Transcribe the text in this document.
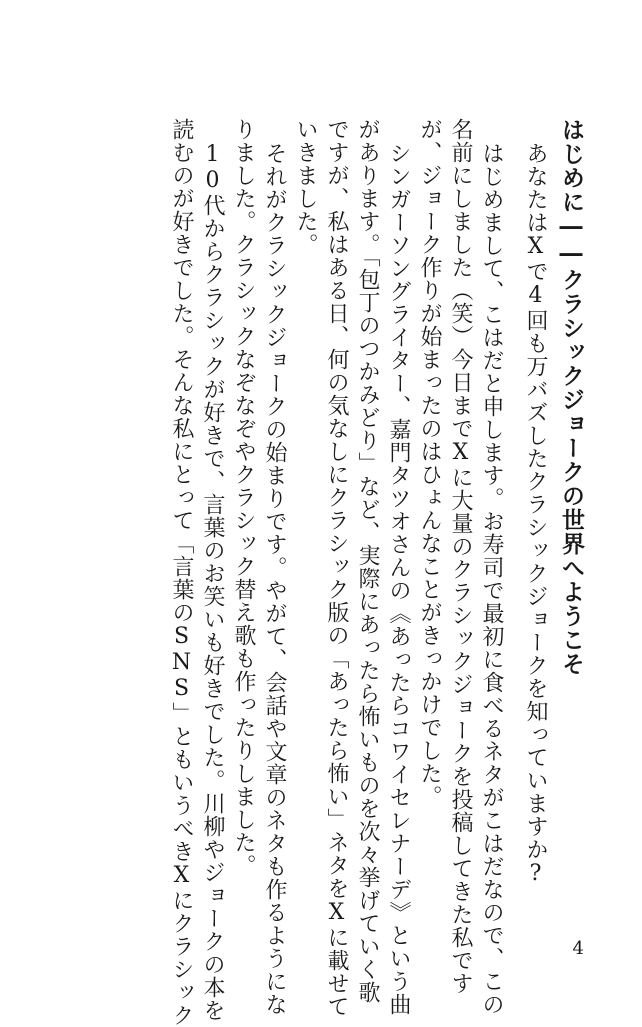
はじめに――クラシックジョークの世界へようこそ
あなたはXで4回も万バズしたクラシックジョークを知っていますか?
はじめまして、こはだと申します。お寿司で最初に食べるネタがこはだなので、この
名前にしました（笑）今日までXに大量のクラシックジョークを投稿してきた私です
が、ジョーク作りが始まったのはひょんなことがきっかけでした。
シンガーソングライター、嘉門タツオさんの《あったらコワイセレナーデ》という曲
があります。「包丁のつかみどり」など、実際にあったら怖いものを次々挙げていく歌
ですが、私はある日、何の気なしにクラシック版の「あったら怖い」ネタをXに載せて
いきました。
それがクラシックジョークの始まりです。やがて、会話や文章のネタも作るようにな
りました。クラシックなぞなぞやクラシック替え歌も作ったりしました。
10代からクラシックが好きで、言葉のお笑いも好きでした。川柳やジョークの本を
読むのが好きでした。そんな私にとって「言葉のSNS」ともいうべきXにクラシック	4
